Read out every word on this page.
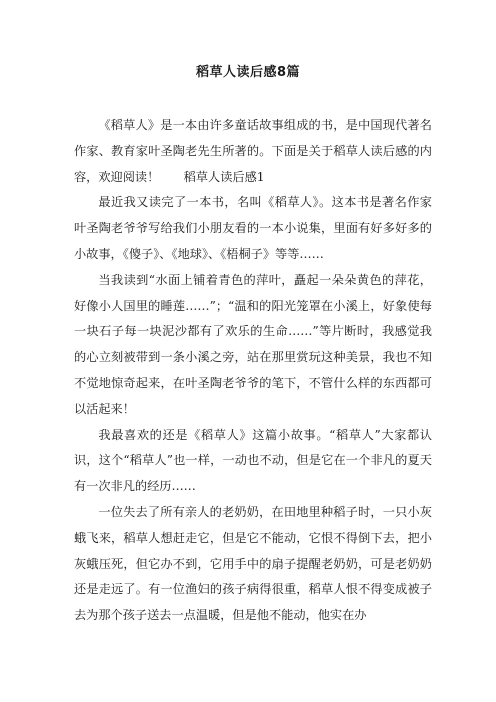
稻草人读后感8篇

《稻草人》是一本由许多童话故事组成的书，是中国现代著名作家、教育家叶圣陶老先生所著的。下面是关于稻草人读后感的内容，欢迎阅读！　　稻草人读后感1

最近我又读完了一本书，名叫《稻草人》。这本书是著名作家叶圣陶老爷爷写给我们小朋友看的一本小说集，里面有好多好多的小故事，《傻子》、《地球》、《梧桐子》等等……

当我读到“水面上铺着青色的萍叶，矗起一朵朵黄色的萍花，好像小人国里的睡莲……”；“温和的阳光笼罩在小溪上，好象使每一块石子每一块泥沙都有了欢乐的生命……”等片断时，我感觉我的心立刻被带到一条小溪之旁，站在那里赏玩这种美景，我也不知不觉地惊奇起来，在叶圣陶老爷爷的笔下，不管什么样的东西都可以活起来！

我最喜欢的还是《稻草人》这篇小故事。“稻草人”大家都认识，这个“稻草人”也一样，一动也不动，但是它在一个非凡的夏天有一次非凡的经历……

一位失去了所有亲人的老奶奶，在田地里种稻子时，一只小灰蛾飞来，稻草人想赶走它，但是它不能动，它恨不得倒下去，把小灰蛾压死，但它办不到，它用手中的扇子提醒老奶奶，可是老奶奶还是走远了。有一位渔妇的孩子病得很重，稻草人恨不得变成被子去为那个孩子送去一点温暖，但是他不能动，他实在办
